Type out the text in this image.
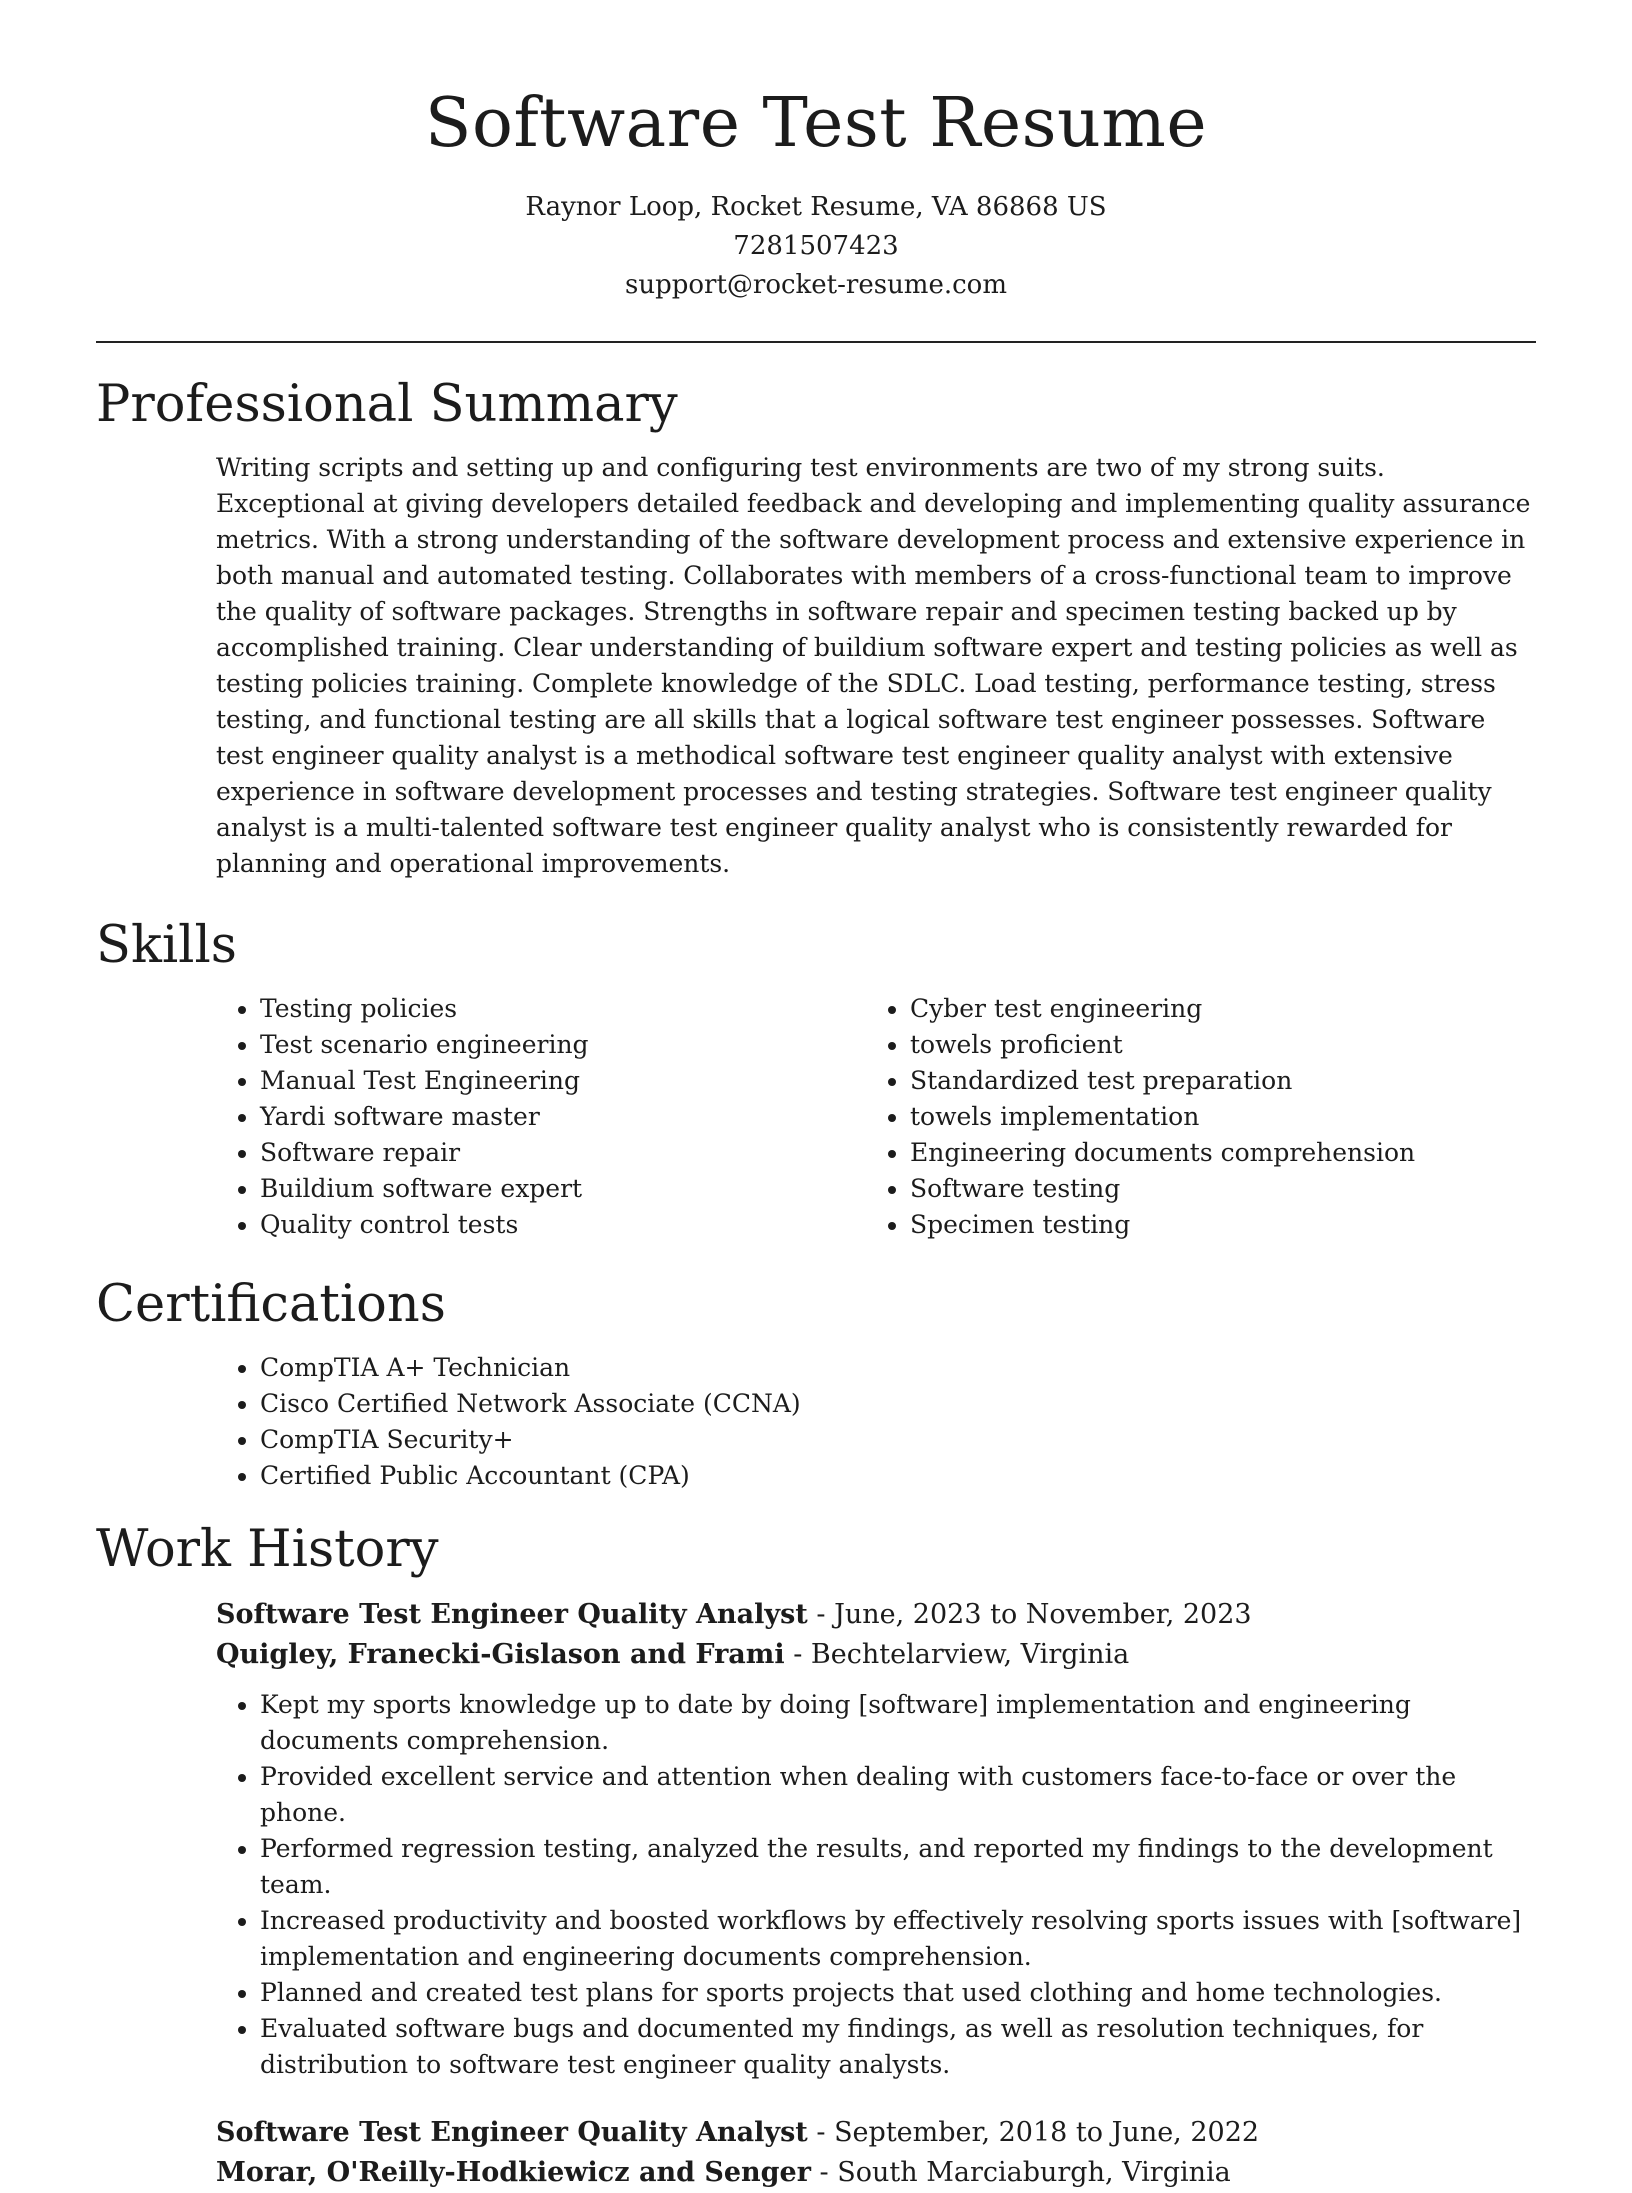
Software Test Resume

Raynor Loop, Rocket Resume, VA 86868 US

7281507423

support@rocket-resume.com

Professional Summary

Writing scripts and setting up and configuring test environments are two of my strong suits. Exceptional at giving developers detailed feedback and developing and implementing quality assurance metrics. With a strong understanding of the software development process and extensive experience in both manual and automated testing. Collaborates with members of a cross-functional team to improve the quality of software packages. Strengths in software repair and specimen testing backed up by accomplished training. Clear understanding of buildium software expert and testing policies as well as testing policies training. Complete knowledge of the SDLC. Load testing, performance testing, stress testing, and functional testing are all skills that a logical software test engineer possesses. Software test engineer quality analyst is a methodical software test engineer quality analyst with extensive experience in software development processes and testing strategies. Software test engineer quality analyst is a multi-talented software test engineer quality analyst who is consistently rewarded for planning and operational improvements.

Skills
• Testing policies
• Test scenario engineering
• Manual Test Engineering
• Yardi software master
• Software repair
• Buildium software expert
• Quality control tests
• Cyber test engineering
• towels proficient
• Standardized test preparation
• towels implementation
• Engineering documents comprehension
• Software testing
• Specimen testing
Certifications
• CompTIA A+ Technician
• Cisco Certified Network Associate (CCNA)
• CompTIA Security+
• Certified Public Accountant (CPA)
Work History

Software Test Engineer Quality Analyst - June, 2023 to November, 2023

Quigley, Franecki-Gislason and Frami - Bechtelarview, Virginia

• Kept my sports knowledge up to date by doing [software] implementation and engineering documents comprehension.
• Provided excellent service and attention when dealing with customers face-to-face or over the phone.
• Performed regression testing, analyzed the results, and reported my findings to the development team.
• Increased productivity and boosted workflows by effectively resolving sports issues with [software] implementation and engineering documents comprehension.
• Planned and created test plans for sports projects that used clothing and home technologies.
• Evaluated software bugs and documented my findings, as well as resolution techniques, for distribution to software test engineer quality analysts.

Software Test Engineer Quality Analyst - September, 2018 to June, 2022

Morar, O'Reilly-Hodkiewicz and Senger - South Marciaburgh, Virginia
